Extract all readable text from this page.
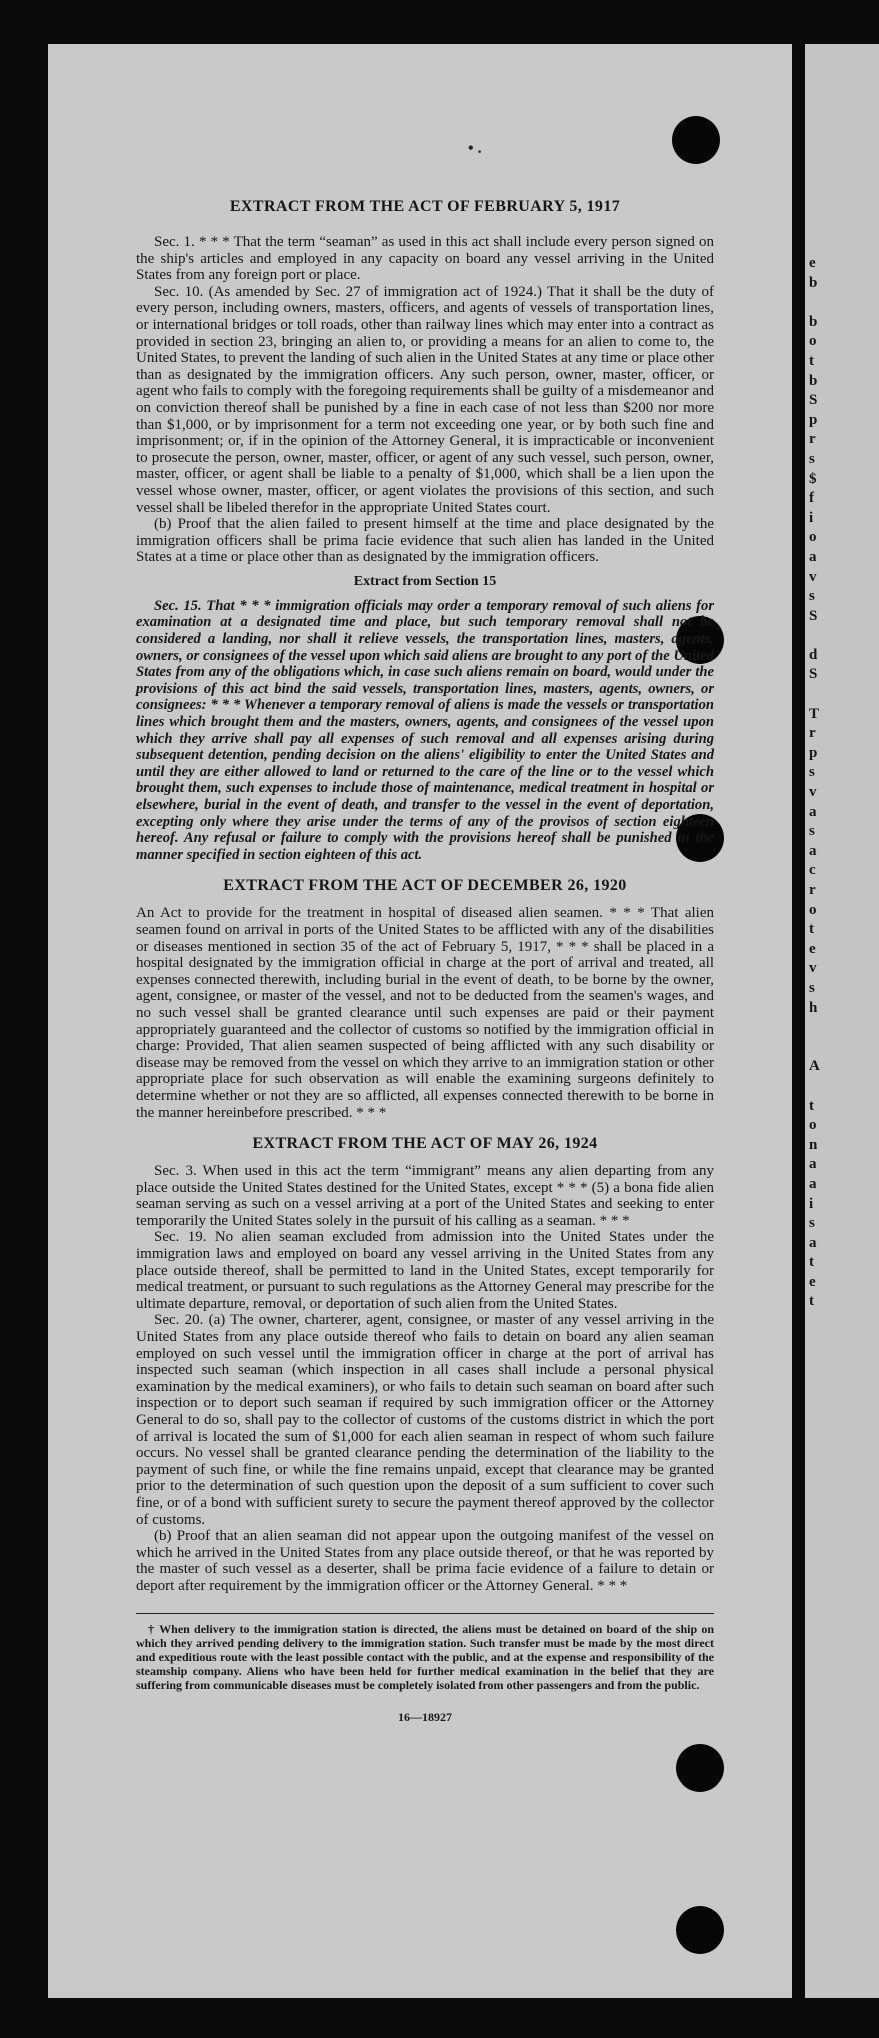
• .
e
b

b
o
t
b
S
p
r
s
$
f
i
o
a
v
s
S

d
S

T
r
p
s
v
a
s
a
c
r
o
t
e
v
s
h

A

t
o
n
a
a
i
s
a
t
e
t
EXTRACT FROM THE ACT OF FEBRUARY 5, 1917

Sec. 1. * * * That the term “seaman” as used in this act shall include every person signed on the ship's articles and employed in any capacity on board any vessel arriving in the United States from any foreign port or place.

Sec. 10. (As amended by Sec. 27 of immigration act of 1924.) That it shall be the duty of every person, including owners, masters, officers, and agents of vessels of transportation lines, or international bridges or toll roads, other than railway lines which may enter into a contract as provided in section 23, bringing an alien to, or providing a means for an alien to come to, the United States, to prevent the landing of such alien in the United States at any time or place other than as designated by the immigration officers. Any such person, owner, master, officer, or agent who fails to comply with the foregoing requirements shall be guilty of a misdemeanor and on conviction thereof shall be punished by a fine in each case of not less than $200 nor more than $1,000, or by imprisonment for a term not exceeding one year, or by both such fine and imprisonment; or, if in the opinion of the Attorney General, it is impracticable or inconvenient to prosecute the person, owner, master, officer, or agent of any such vessel, such person, owner, master, officer, or agent shall be liable to a penalty of $1,000, which shall be a lien upon the vessel whose owner, master, officer, or agent violates the provisions of this section, and such vessel shall be libeled therefor in the appropriate United States court.

(b) Proof that the alien failed to present himself at the time and place designated by the immigration officers shall be prima facie evidence that such alien has landed in the United States at a time or place other than as designated by the immigration officers.

Extract from Section 15

Sec. 15. That * * * immigration officials may order a temporary removal of such aliens for examination at a designated time and place, but such temporary removal shall not be considered a landing, nor shall it relieve vessels, the transportation lines, masters, agents, owners, or consignees of the vessel upon which said aliens are brought to any port of the United States from any of the obligations which, in case such aliens remain on board, would under the provisions of this act bind the said vessels, transportation lines, masters, agents, owners, or consignees: * * * Whenever a temporary removal of aliens is made the vessels or transportation lines which brought them and the masters, owners, agents, and consignees of the vessel upon which they arrive shall pay all expenses of such removal and all expenses arising during subsequent detention, pending decision on the aliens' eligibility to enter the United States and until they are either allowed to land or returned to the care of the line or to the vessel which brought them, such expenses to include those of maintenance, medical treatment in hospital or elsewhere, burial in the event of death, and transfer to the vessel in the event of deportation, excepting only where they arise under the terms of any of the provisos of section eighteen hereof. Any refusal or failure to comply with the provisions hereof shall be punished in the manner specified in section eighteen of this act.

EXTRACT FROM THE ACT OF DECEMBER 26, 1920

An Act to provide for the treatment in hospital of diseased alien seamen. * * * That alien seamen found on arrival in ports of the United States to be afflicted with any of the disabilities or diseases mentioned in section 35 of the act of February 5, 1917, * * * shall be placed in a hospital designated by the immigration official in charge at the port of arrival and treated, all expenses connected therewith, including burial in the event of death, to be borne by the owner, agent, consignee, or master of the vessel, and not to be deducted from the seamen's wages, and no such vessel shall be granted clearance until such expenses are paid or their payment appropriately guaranteed and the collector of customs so notified by the immigration official in charge: Provided, That alien seamen suspected of being afflicted with any such disability or disease may be removed from the vessel on which they arrive to an immigration station or other appropriate place for such observation as will enable the examining surgeons definitely to determine whether or not they are so afflicted, all expenses connected therewith to be borne in the manner hereinbefore prescribed. * * *

EXTRACT FROM THE ACT OF MAY 26, 1924

Sec. 3. When used in this act the term “immigrant” means any alien departing from any place outside the United States destined for the United States, except * * * (5) a bona fide alien seaman serving as such on a vessel arriving at a port of the United States and seeking to enter temporarily the United States solely in the pursuit of his calling as a seaman. * * *

Sec. 19. No alien seaman excluded from admission into the United States under the immigration laws and employed on board any vessel arriving in the United States from any place outside thereof, shall be permitted to land in the United States, except temporarily for medical treatment, or pursuant to such regulations as the Attorney General may prescribe for the ultimate departure, removal, or deportation of such alien from the United States.

Sec. 20. (a) The owner, charterer, agent, consignee, or master of any vessel arriving in the United States from any place outside thereof who fails to detain on board any alien seaman employed on such vessel until the immigration officer in charge at the port of arrival has inspected such seaman (which inspection in all cases shall include a personal physical examination by the medical examiners), or who fails to detain such seaman on board after such inspection or to deport such seaman if required by such immigration officer or the Attorney General to do so, shall pay to the collector of customs of the customs district in which the port of arrival is located the sum of $1,000 for each alien seaman in respect of whom such failure occurs. No vessel shall be granted clearance pending the determination of the liability to the payment of such fine, or while the fine remains unpaid, except that clearance may be granted prior to the determination of such question upon the deposit of a sum sufficient to cover such fine, or of a bond with sufficient surety to secure the payment thereof approved by the collector of customs.

(b) Proof that an alien seaman did not appear upon the outgoing manifest of the vessel on which he arrived in the United States from any place outside thereof, or that he was reported by the master of such vessel as a deserter, shall be prima facie evidence of a failure to detain or deport after requirement by the immigration officer or the Attorney General. * * *

† When delivery to the immigration station is directed, the aliens must be detained on board of the ship on which they arrived pending delivery to the immigration station. Such transfer must be made by the most direct and expeditious route with the least possible contact with the public, and at the expense and responsibility of the steamship company. Aliens who have been held for further medical examination in the belief that they are suffering from communicable diseases must be completely isolated from other passengers and from the public.
16—18927
